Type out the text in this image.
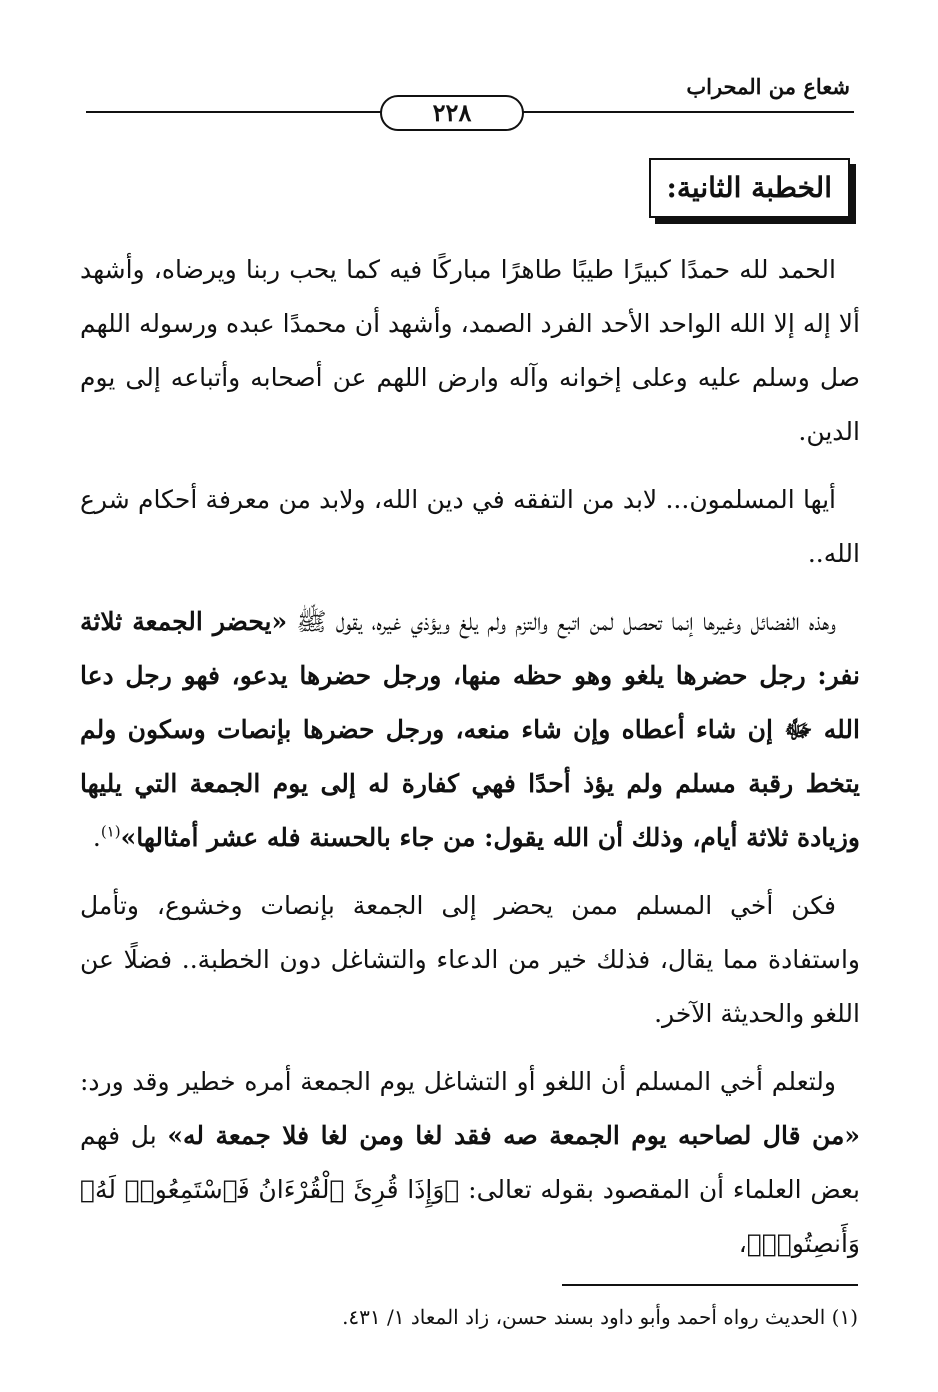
شعاع من المحراب
٢٢٨
الخطبة الثانية:

الحمد لله حمدًا كبيرًا طيبًا طاهرًا مباركًا فيه كما يحب ربنا ويرضاه، وأشهد ألا إله إلا الله الواحد الأحد الفرد الصمد، وأشهد أن محمدًا عبده ورسوله اللهم صل وسلم عليه وعلى إخوانه وآله وارض اللهم عن أصحابه وأتباعه إلى يوم الدين.

أيها المسلمون... لابد من التفقه في دين الله، ولابد من معرفة أحكام شرع الله..

وهذه الفضائل وغيرها إنما تحصل لمن اتبع والتزم ولم يلغ ويؤذي غيره، يقول ﷺ «يحضر الجمعة ثلاثة نفر: رجل حضرها يلغو وهو حظه منها، ورجل حضرها يدعو، فهو رجل دعا الله ﷻ إن شاء أعطاه وإن شاء منعه، ورجل حضرها بإنصات وسكون ولم يتخط رقبة مسلم ولم يؤذ أحدًا فهي كفارة له إلى يوم الجمعة التي يليها وزيادة ثلاثة أيام، وذلك أن الله يقول: من جاء بالحسنة فله عشر أمثالها»$^{(١)}$.

فكن أخي المسلم ممن يحضر إلى الجمعة بإنصات وخشوع، وتأمل واستفادة مما يقال، فذلك خير من الدعاء والتشاغل دون الخطبة.. فضلًا عن اللغو والحديثة الآخر.

ولتعلم أخي المسلم أن اللغو أو التشاغل يوم الجمعة أمره خطير وقد ورد: «من قال لصاحبه يوم الجمعة صه فقد لغا ومن لغا فلا جمعة له» بل فهم بعض العلماء أن المقصود بقوله تعالى: ﴿وَإِذَا قُرِئَ ٱلْقُرْءَانُ فَٱسْتَمِعُوا۟ لَهُۥ وَأَنصِتُوا۟﴾،

(١) الحديث رواه أحمد وأبو داود بسند حسن، زاد المعاد ١/ ٤٣١.
